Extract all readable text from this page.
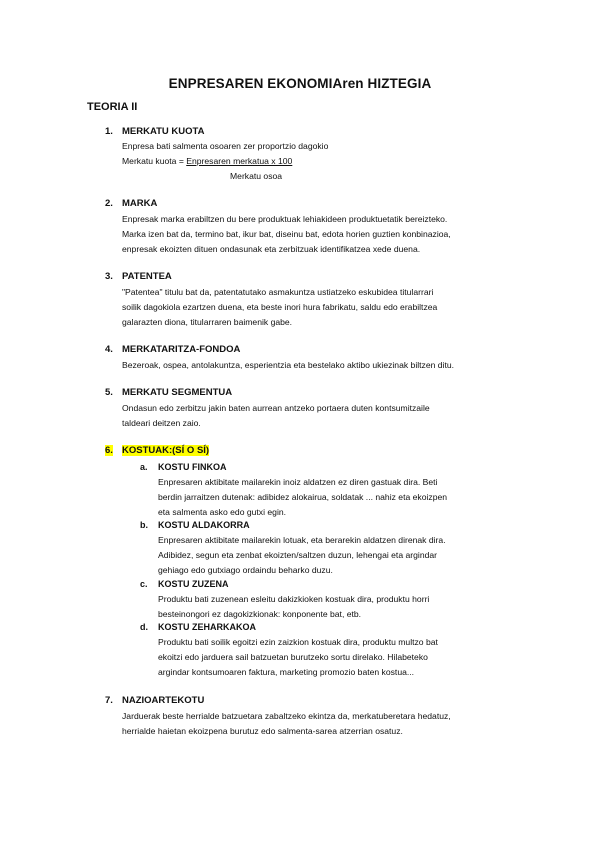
ENPRESAREN EKONOMIAren HIZTEGIA
TEORIA II
1. MERKATU KUOTA
Enpresa bati salmenta osoaren zer proportzio dagokio
Merkatu kuota = Enpresaren merkatua x 100
Merkatu osoa
2. MARKA
Enpresak marka erabiltzen du bere produktuak lehiakideen produktuetatik bereizteko.
Marka izen bat da, termino bat, ikur bat, diseinu bat, edota horien guztien konbinazioa,
enpresak ekoizten dituen ondasunak eta zerbitzuak identifikatzea xede duena.
3. PATENTEA
"Patentea" titulu bat da, patentatutako asmakuntza ustiatzeko eskubidea titularrari
soilik dagokiola ezartzen duena, eta beste inori hura fabrikatu, saldu edo erabiltzea
galarazten diona, titularraren baimenik gabe.
4. MERKATARITZA-FONDOA
Bezeroak, ospea, antolakuntza, esperientzia eta bestelako aktibo ukiezinak biltzen ditu.
5. MERKATU SEGMENTUA
Ondasun edo zerbitzu jakin baten aurrean antzeko portaera duten kontsumitzaile
taldeari deitzen zaio.
6. KOSTUAK:(SÍ O SÍ)
a. KOSTU FINKOA
Enpresaren aktibitate mailarekin inoiz aldatzen ez diren gastuak dira. Beti
berdin jarraitzen dutenak: adibidez alokairua, soldatak ... nahiz eta ekoizpen
eta salmenta asko edo gutxi egin.
b. KOSTU ALDAKORRA
Enpresaren aktibitate mailarekin lotuak, eta berarekin aldatzen direnak dira.
Adibidez, segun eta zenbat ekoizten/saltzen duzun, lehengai eta argindar
gehiago edo gutxiago ordaindu beharko duzu.
c. KOSTU ZUZENA
Produktu bati zuzenean esleitu dakizkioken kostuak dira, produktu horri
besteinongori ez dagokizkionak: konponente bat, etb.
d. KOSTU ZEHARKAKOA
Produktu bati soilik egoitzi ezin zaizkion kostuak dira, produktu multzo bat
ekoitzi edo jarduera sail batzuetan burutzeko sortu direlako. Hilabeteko
argindar kontsumoaren faktura, marketing promozio baten kostua...
7. NAZIOARTEKOTU
Jarduerak beste herrialde batzuetara zabaltzeko ekintza da, merkatuberetara hedatuz,
herrialde haietan ekoizpena burutuz edo salmenta-sarea atzerrian osatuz.
